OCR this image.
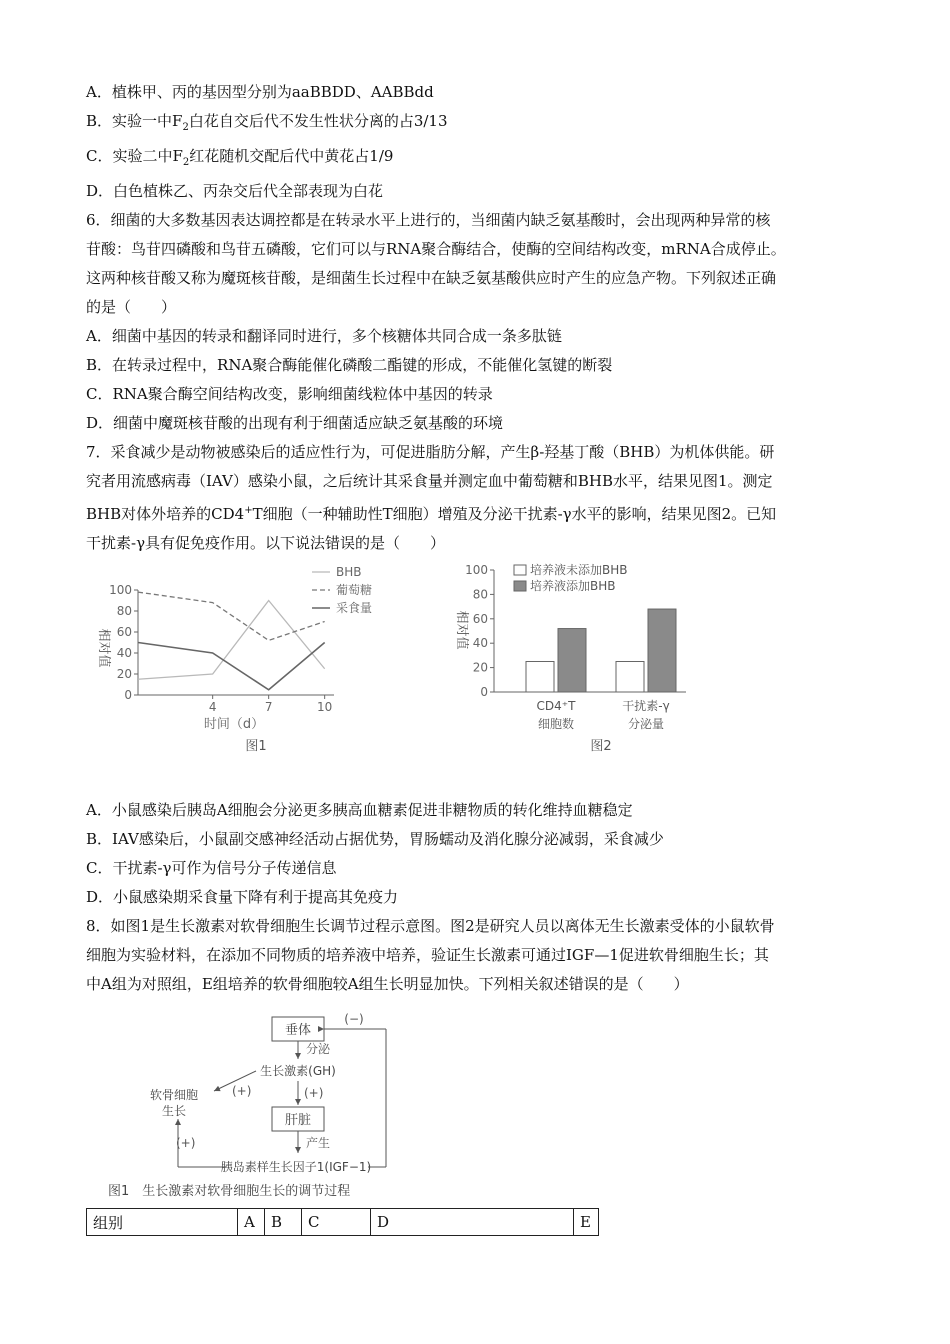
A．植株甲、丙的基因型分别为aaBBDD、AABBdd
B．实验一中$F_2$白花自交后代不发生性状分离的占3/13
C．实验二中$F_2$红花随机交配后代中黄花占1/9
D．白色植株乙、丙杂交后代全部表现为白花
6．细菌的大多数基因表达调控都是在转录水平上进行的，当细菌内缺乏氨基酸时，会出现两种异常的核
苷酸：鸟苷四磷酸和鸟苷五磷酸，它们可以与RNA聚合酶结合，使酶的空间结构改变，mRNA合成停止。
这两种核苷酸又称为魔斑核苷酸，是细菌生长过程中在缺乏氨基酸供应时产生的应急产物。下列叙述正确
的是（　　）
A．细菌中基因的转录和翻译同时进行，多个核糖体共同合成一条多肽链
B．在转录过程中，RNA聚合酶能催化磷酸二酯键的形成，不能催化氢键的断裂
C．RNA聚合酶空间结构改变，影响细菌线粒体中基因的转录
D．细菌中魔斑核苷酸的出现有利于细菌适应缺乏氨基酸的环境
7．采食减少是动物被感染后的适应性行为，可促进脂肪分解，产生β-羟基丁酸（BHB）为机体供能。研
究者用流感病毒（IAV）感染小鼠，之后统计其采食量并测定血中葡萄糖和BHB水平，结果见图1。测定
BHB对体外培养的CD4+T细胞（一种辅助性T细胞）增殖及分泌干扰素-γ水平的影响，结果见图2。已知
干扰素-γ具有促免疫作用。以下说法错误的是（　　）
相对值
0
20
40
60
80
100
4	7	10
时间（d）
图1
BHB
葡萄糖
采食量
相对值
0
20
40
60
80
100
CD4⁺T
细胞数
干扰素-γ
分泌量
培养液未添加BHB
培养液添加BHB
图2
A．小鼠感染后胰岛A细胞会分泌更多胰高血糖素促进非糖物质的转化维持血糖稳定
B．IAV感染后，小鼠副交感神经活动占据优势，胃肠蠕动及消化腺分泌减弱，采食减少
C．干扰素-γ可作为信号分子传递信息
D．小鼠感染期采食量下降有利于提高其免疫力
8．如图1是生长激素对软骨细胞生长调节过程示意图。图2是研究人员以离体无生长激素受体的小鼠软骨
细胞为实验材料，在添加不同物质的培养液中培养，验证生长激素可通过IGF—1促进软骨细胞生长；其
中A组为对照组，E组培养的软骨细胞较A组生长明显加快。下列相关叙述错误的是（　　）
垂体
(−)
分泌
生长激素(GH)
(+)	(+)
肝脏
产生
胰岛素样生长因子1(IGF−1)
(+)
软骨细胞
生长
图1　生长激素对软骨细胞生长的调节过程
组别	A	B	C	D	E
